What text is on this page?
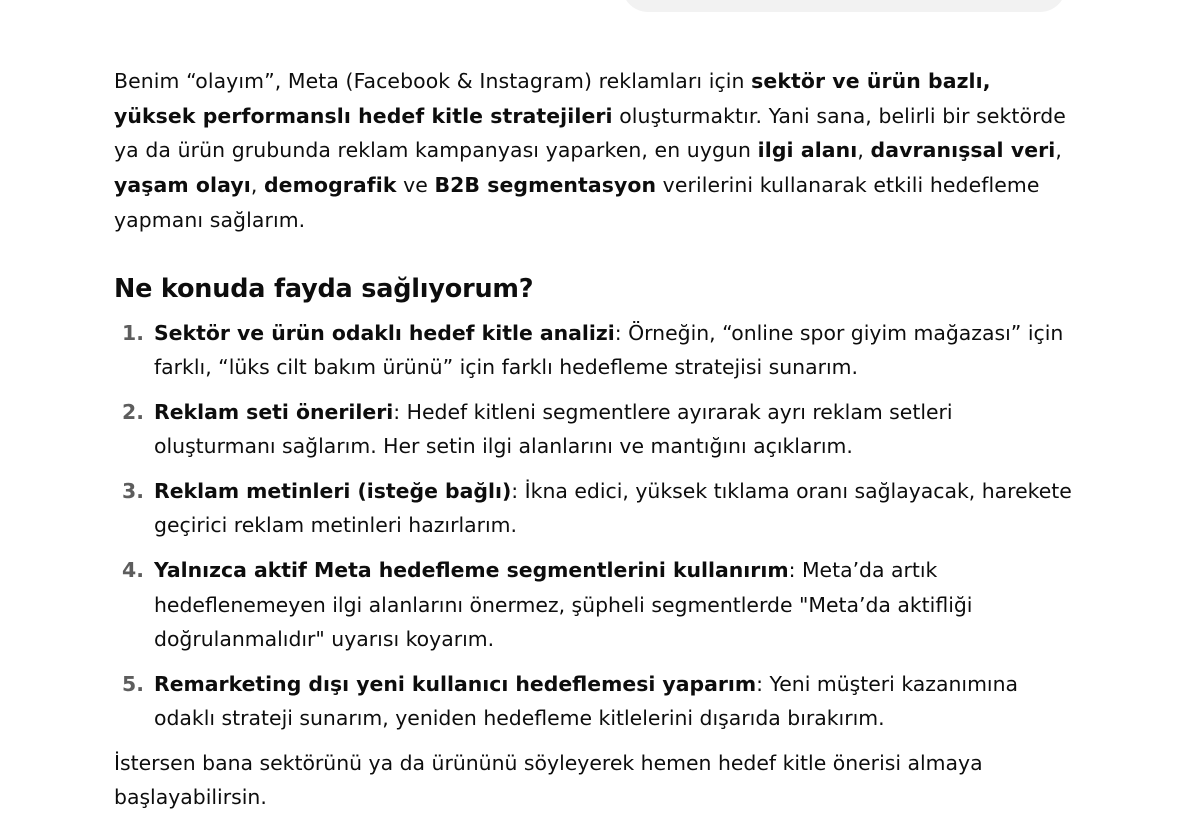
Benim “olayım”, Meta (Facebook & Instagram) reklamları için sektör ve ürün bazlı, yüksek performanslı hedef kitle stratejileri oluşturmaktır. Yani sana, belirli bir sektörde ya da ürün grubunda reklam kampanyası yaparken, en uygun ilgi alanı, davranışsal veri, yaşam olayı, demografik ve B2B segmentasyon verilerini kullanarak etkili hedefleme yapmanı sağlarım.

Ne konuda fayda sağlıyorum?
1. Sektör ve ürün odaklı hedef kitle analizi: Örneğin, “online spor giyim mağazası” için farklı, “lüks cilt bakım ürünü” için farklı hedefleme stratejisi sunarım.
2. Reklam seti önerileri: Hedef kitleni segmentlere ayırarak ayrı reklam setleri oluşturmanı sağlarım. Her setin ilgi alanlarını ve mantığını açıklarım.
3. Reklam metinleri (isteğe bağlı): İkna edici, yüksek tıklama oranı sağlayacak, harekete geçirici reklam metinleri hazırlarım.
4. Yalnızca aktif Meta hedefleme segmentlerini kullanırım: Meta’da artık hedeflenemeyen ilgi alanlarını önermez, şüpheli segmentlerde "Meta’da aktifliği doğrulanmalıdır" uyarısı koyarım.
5. Remarketing dışı yeni kullanıcı hedeflemesi yaparım: Yeni müşteri kazanımına odaklı strateji sunarım, yeniden hedefleme kitlelerini dışarıda bırakırım.

İstersen bana sektörünü ya da ürününü söyleyerek hemen hedef kitle önerisi almaya başlayabilirsin.
